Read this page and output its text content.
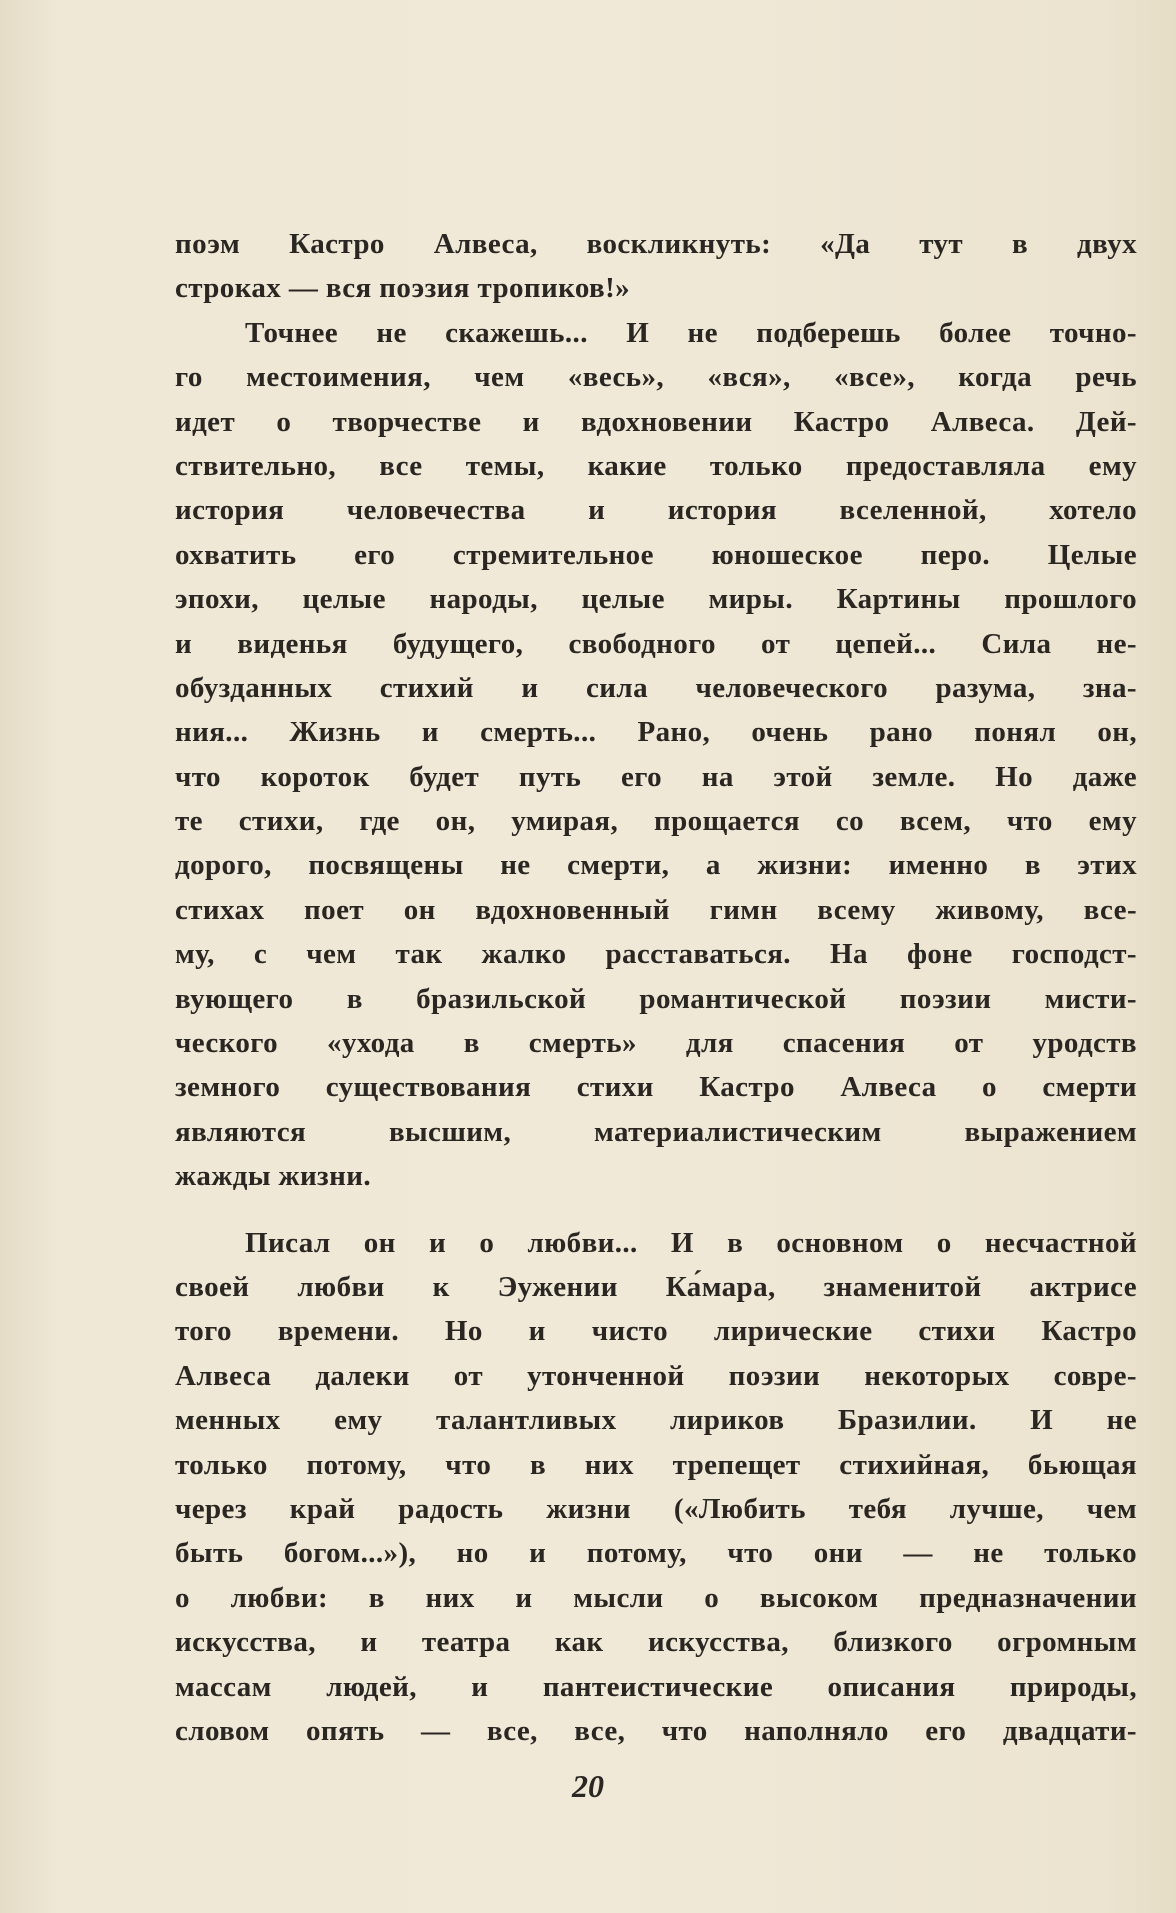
поэм Кастро Алвеса, воскликнуть: «Да тут в двух
строках — вся поэзия тропиков!»
Точнее не скажешь... И не подберешь более точно-
го местоимения, чем «весь», «вся», «все», когда речь
идет о творчестве и вдохновении Кастро Алвеса. Дей-
ствительно, все темы, какие только предоставляла ему
история человечества и история вселенной, хотело
охватить его стремительное юношеское перо. Целые
эпохи, целые народы, целые миры. Картины прошлого
и виденья будущего, свободного от цепей... Сила не-
обузданных стихий и сила человеческого разума, зна-
ния... Жизнь и смерть... Рано, очень рано понял он,
что короток будет путь его на этой земле. Но даже
те стихи, где он, умирая, прощается со всем, что ему
дорого, посвящены не смерти, а жизни: именно в этих
стихах поет он вдохновенный гимн всему живому, все-
му, с чем так жалко расставаться. На фоне господст-
вующего в бразильской романтической поэзии мисти-
ческого «ухода в смерть» для спасения от уродств
земного существования стихи Кастро Алвеса о смерти
являются высшим, материалистическим выражением
жажды жизни.
Писал он и о любви... И в основном о несчастной
своей любви к Эужении Ка́мара, знаменитой актрисе
того времени. Но и чисто лирические стихи Кастро
Алвеса далеки от утонченной поэзии некоторых совре-
менных ему талантливых лириков Бразилии. И не
только потому, что в них трепещет стихийная, бьющая
через край радость жизни («Любить тебя лучше, чем
быть богом...»), но и потому, что они — не только
о любви: в них и мысли о высоком предназначении
искусства, и театра как искусства, близкого огромным
массам людей, и пантеистические описания природы,
словом опять — все, все, что наполняло его двадцати-
20
